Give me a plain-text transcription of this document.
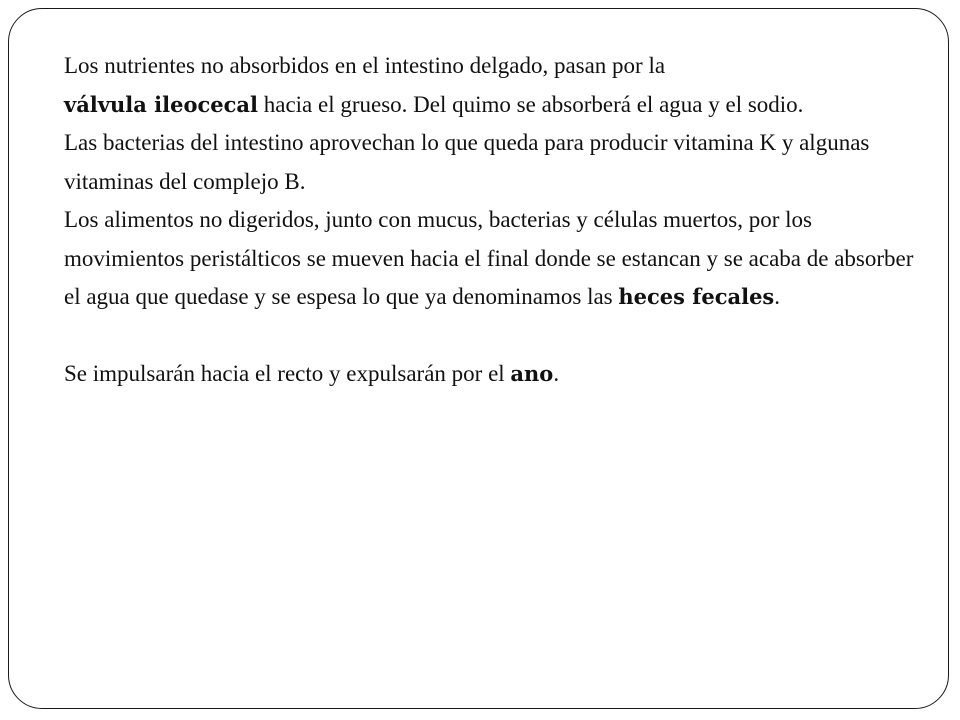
Los nutrientes no absorbidos en el intestino delgado, pasan por la
válvula ileocecal hacia el grueso. Del quimo se absorberá el agua y el sodio.

Las bacterias del intestino aprovechan lo que queda para producir vitamina K y algunas vitaminas del complejo B.

Los alimentos no digeridos, junto con mucus, bacterias y células muertos, por los movimientos peristálticos se mueven hacia el final donde se estancan y se acaba de absorber el agua que quedase y se espesa lo que ya denominamos las heces fecales.

Se impulsarán hacia el recto y expulsarán por el ano.
